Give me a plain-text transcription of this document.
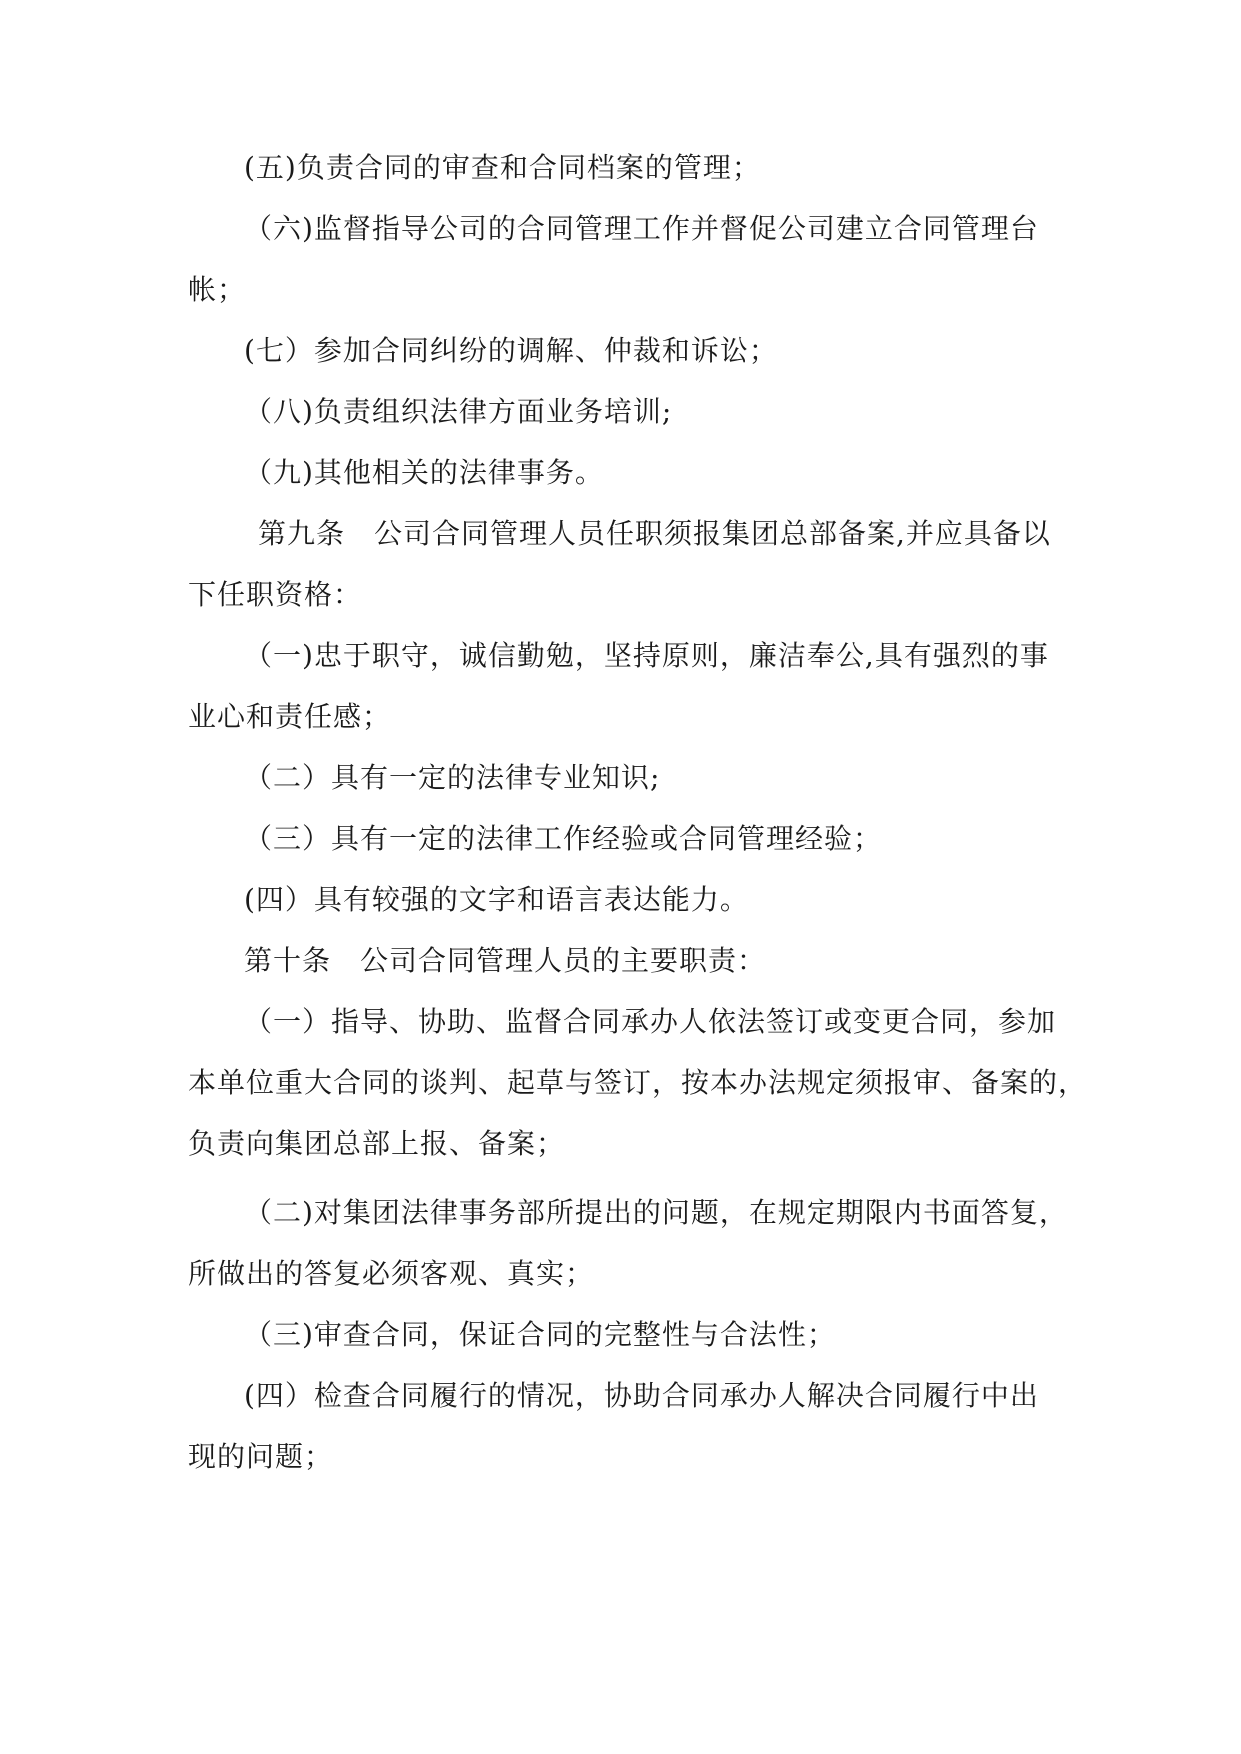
(五)负责合同的审查和合同档案的管理；
（六)监督指导公司的合同管理工作并督促公司建立合同管理台
帐；
(七）参加合同纠纷的调解、仲裁和诉讼；
（八)负责组织法律方面业务培训;
（九)其他相关的法律事务。
第九条　公司合同管理人员任职须报集团总部备案,并应具备以
下任职资格：
（一)忠于职守，诚信勤勉，坚持原则，廉洁奉公,具有强烈的事
业心和责任感；
（二）具有一定的法律专业知识;
（三）具有一定的法律工作经验或合同管理经验；
(四）具有较强的文字和语言表达能力。
第十条　公司合同管理人员的主要职责：
（一）指导、协助、监督合同承办人依法签订或变更合同，参加
本单位重大合同的谈判、起草与签订，按本办法规定须报审、备案的，
负责向集团总部上报、备案；
（二)对集团法律事务部所提出的问题，在规定期限内书面答复，
所做出的答复必须客观、真实；
（三)审查合同，保证合同的完整性与合法性；
(四）检查合同履行的情况，协助合同承办人解决合同履行中出
现的问题；
